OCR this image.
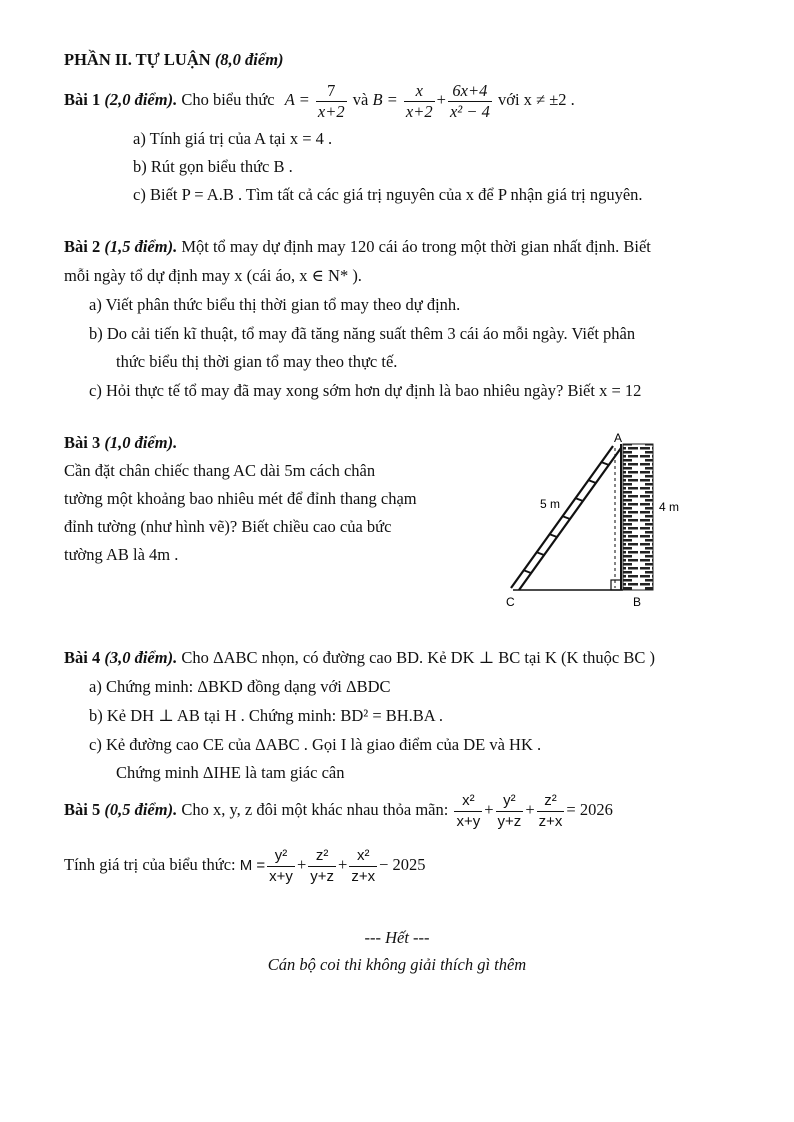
PHẦN II. TỰ LUẬN (8,0 điểm)
Bài 1 (2,0 điểm). Cho biểu thức $A = \frac{7}{x+2}$ và $B = \frac{x}{x+2} + \frac{6x+4}{\text{x² − 4}}$ với x ≠ ±2 .
a) Tính giá trị của A tại x = 4 .
b) Rút gọn biểu thức B .
c) Biết P = A.B . Tìm tất cả các giá trị nguyên của x để P nhận giá trị nguyên.
Bài 2 (1,5 điểm). Một tổ may dự định may 120 cái áo trong một thời gian nhất định. Biết
mỗi ngày tổ dự định may x (cái áo, x ∈ N* ).
a) Viết phân thức biểu thị thời gian tổ may theo dự định.
b) Do cải tiến kĩ thuật, tổ may đã tăng năng suất thêm 3 cái áo mỗi ngày. Viết phân
thức biểu thị thời gian tổ may theo thực tế.
c) Hỏi thực tế tổ may đã may xong sớm hơn dự định là bao nhiêu ngày? Biết x = 12
Bài 3 (1,0 điểm).
Cần đặt chân chiếc thang AC dài 5m cách chân
tường một khoảng bao nhiêu mét để đỉnh thang chạm
đỉnh tường (như hình vẽ)? Biết chiều cao của bức
tường AB là 4m .
A
B
C
5 m	4 m
Bài 4 (3,0 điểm). Cho ΔABC nhọn, có đường cao BD. Kẻ DK ⊥ BC tại K (K thuộc BC )
a) Chứng minh: ΔBKD đồng dạng với ΔBDC
b) Kẻ DH ⊥ AB tại H . Chứng minh: BD² = BH.BA .
c) Kẻ đường cao CE của ΔABC . Gọi I là giao điểm của DE và HK .
Chứng minh ΔIHE là tam giác cân
Bài 5 (0,5 điểm). Cho x, y, z đôi một khác nhau thỏa mãn: $\frac{\text{x²}}{x+y} + \frac{\text{y²}}{y+z} + \frac{\text{z²}}{z+x} = 2026$
Tính giá trị của biểu thức: $M = \frac{\text{y²}}{x+y} + \frac{\text{z²}}{y+z} + \frac{\text{x²}}{z+x} - 2025$
--- Hết ---
Cán bộ coi thi không giải thích gì thêm
